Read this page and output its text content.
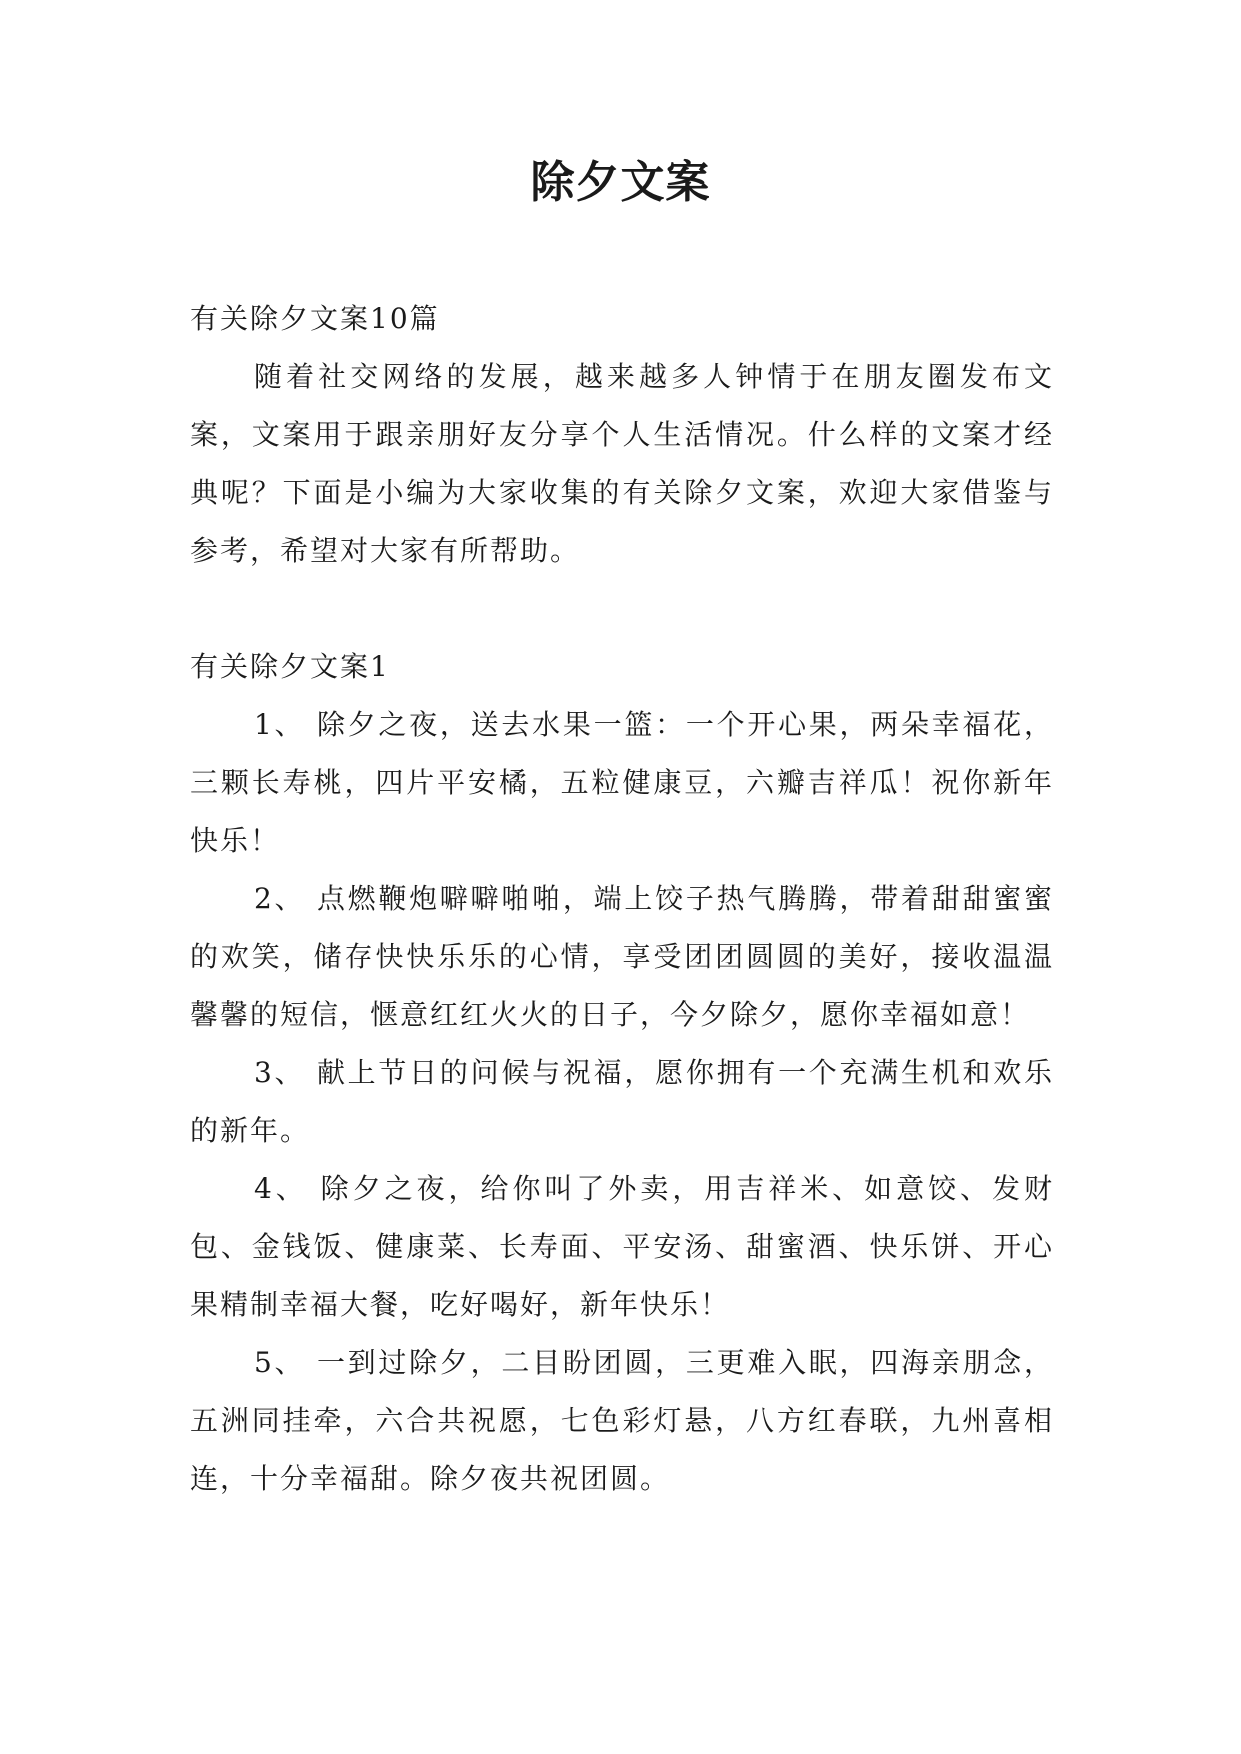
除夕文案

有关除夕文案10篇

随着社交网络的发展，越来越多人钟情于在朋友圈发布文案，文案用于跟亲朋好友分享个人生活情况。什么样的文案才经典呢？下面是小编为大家收集的有关除夕文案，欢迎大家借鉴与参考，希望对大家有所帮助。

有关除夕文案1

1、 除夕之夜，送去水果一篮：一个开心果，两朵幸福花，三颗长寿桃，四片平安橘，五粒健康豆，六瓣吉祥瓜！祝你新年快乐！

2、 点燃鞭炮噼噼啪啪，端上饺子热气腾腾，带着甜甜蜜蜜的欢笑，储存快快乐乐的心情，享受团团圆圆的美好，接收温温馨馨的短信，惬意红红火火的日子，今夕除夕，愿你幸福如意！

3、 献上节日的问候与祝福，愿你拥有一个充满生机和欢乐的新年。

4、 除夕之夜，给你叫了外卖，用吉祥米、如意饺、发财包、金钱饭、健康菜、长寿面、平安汤、甜蜜酒、快乐饼、开心果精制幸福大餐，吃好喝好，新年快乐！

5、 一到过除夕，二目盼团圆，三更难入眠，四海亲朋念，五洲同挂牵，六合共祝愿，七色彩灯悬，八方红春联，九州喜相连，十分幸福甜。除夕夜共祝团圆。
